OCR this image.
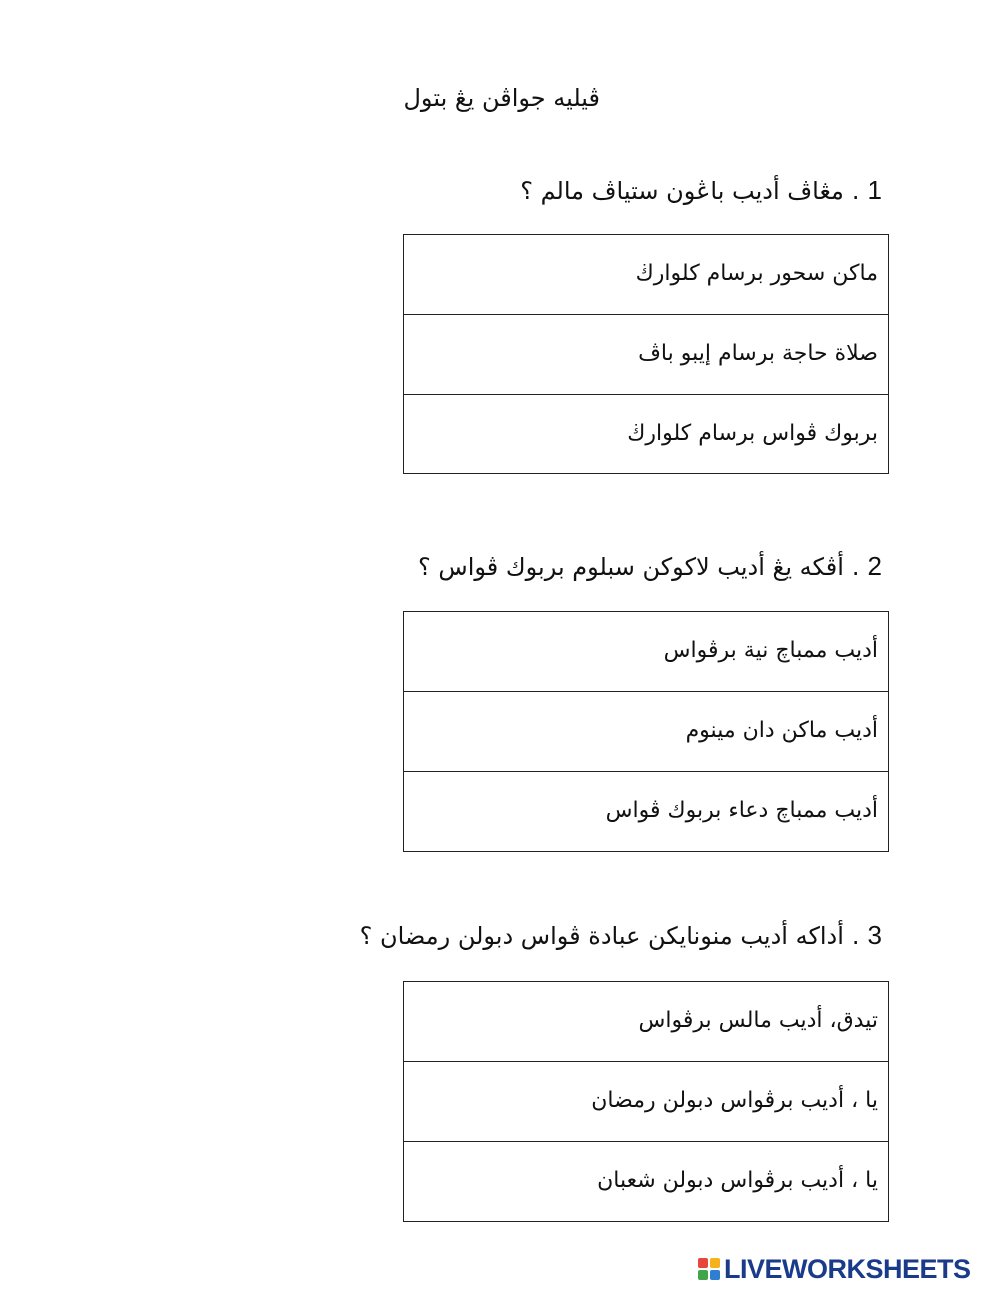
ڤيليه جواڤن يڠ بتول
1.مڠاڤ أديب باڠون ستياڤ مالم ؟
ماكن سحور برسام كلوارڬ
صلاة حاجة برسام إيبو باڤ
بربوك ڤواس برسام كلوارڬ
2.أڤكه يڠ أديب لاكوكن سبلوم بربوك ڤواس ؟
أديب ممباچ نية برڤواس
أديب ماكن دان مينوم
أديب ممباچ دعاء بربوك ڤواس
3.أداكه أديب منونايكن عبادة ڤواس دبولن رمضان ؟
تيدق، أديب مالس برڤواس
يا ، أديب برڤواس دبولن رمضان
يا ، أديب برڤواس دبولن شعبان
LIVEWORKSHEETS
